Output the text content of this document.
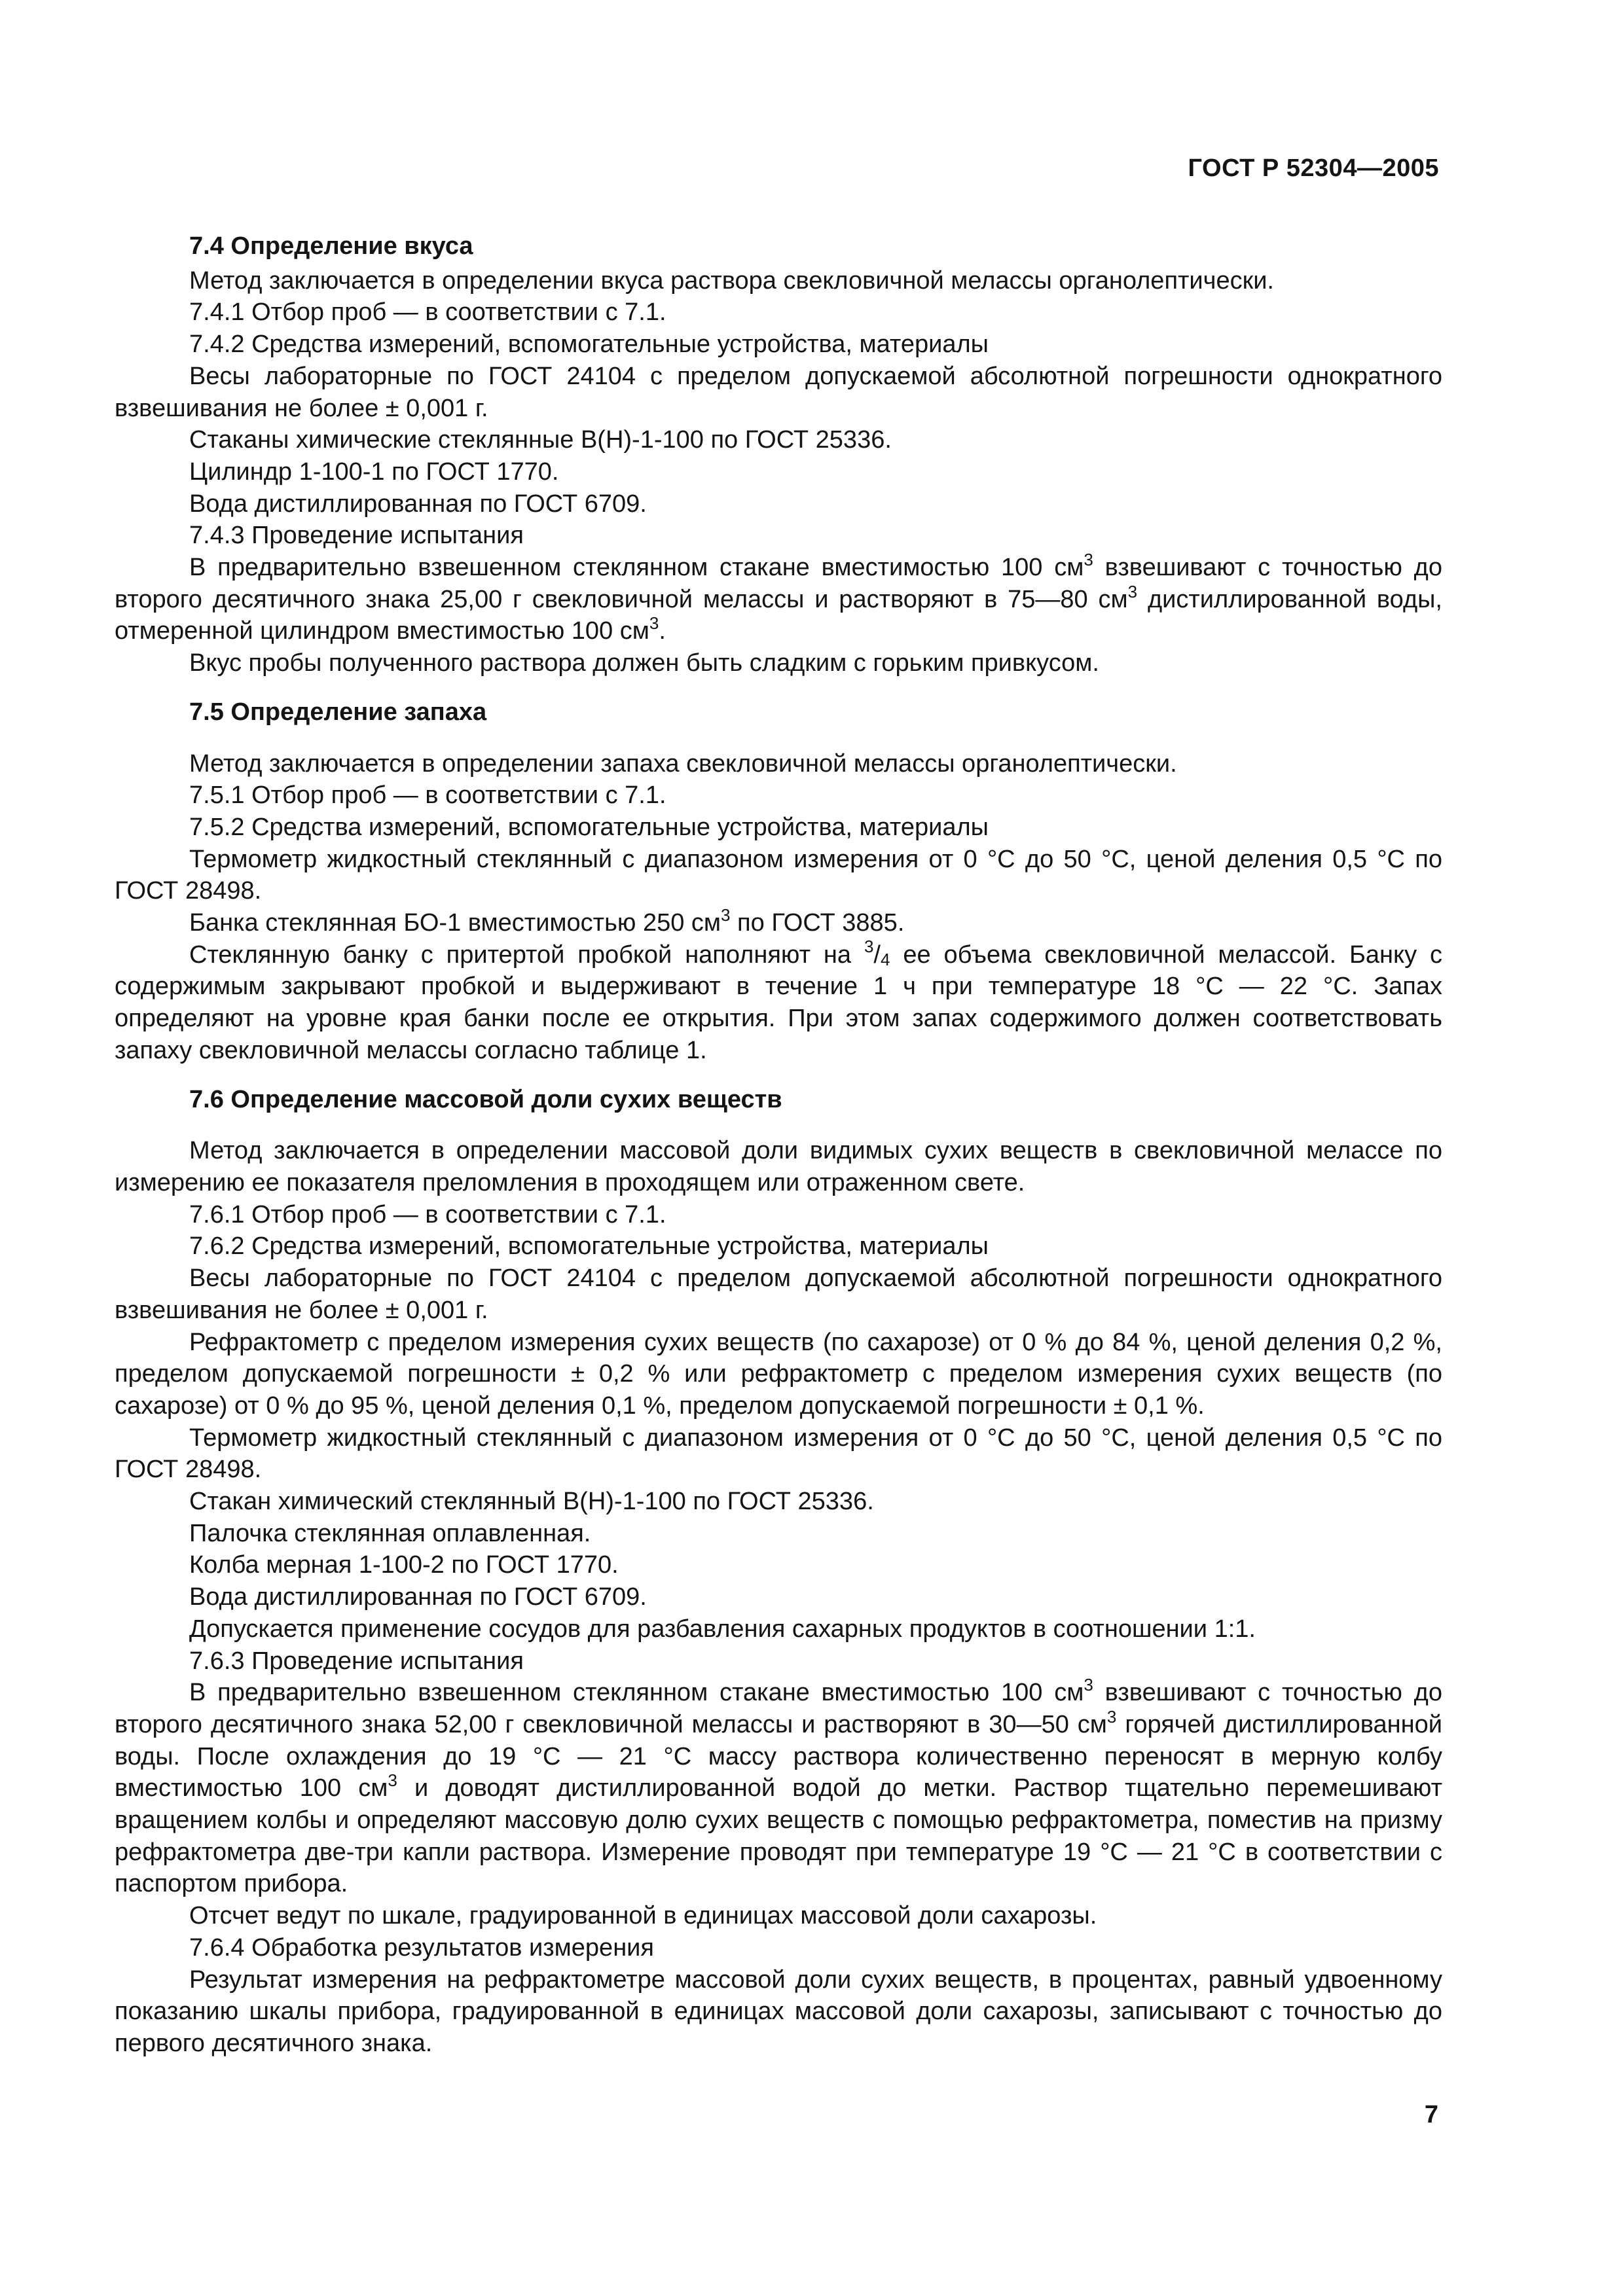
ГОСТ Р 52304—2005

7.4 Определение вкуса

Метод заключается в определении вкуса раствора свекловичной мелассы органолептически.

7.4.1 Отбор проб — в соответствии с 7.1.

7.4.2 Средства измерений, вспомогательные устройства, материалы

Весы лабораторные по ГОСТ 24104 с пределом допускаемой абсолютной погрешности однократного взвешивания не более ± 0,001 г.

Стаканы химические стеклянные В(Н)-1-100 по ГОСТ 25336.

Цилиндр 1-100-1 по ГОСТ 1770.

Вода дистиллированная по ГОСТ 6709.

7.4.3 Проведение испытания

В предварительно взвешенном стеклянном стакане вместимостью 100 $см^3$ взвешивают с точностью до второго десятичного знака 25,00 г свекловичной мелассы и растворяют в 75—80 $см^3$ дистиллированной воды, отмеренной цилиндром вместимостью 100 $см^3$.

Вкус пробы полученного раствора должен быть сладким с горьким привкусом.

7.5 Определение запаха

Метод заключается в определении запаха свекловичной мелассы органолептически.

7.5.1 Отбор проб — в соответствии с 7.1.

7.5.2 Средства измерений, вспомогательные устройства, материалы

Термометр жидкостный стеклянный с диапазоном измерения от 0 °С до 50 °С, ценой деления 0,5 °С по ГОСТ 28498.

Банка стеклянная БО-1 вместимостью 250 $см^3$ по ГОСТ 3885.

Стеклянную банку с притертой пробкой наполняют на $^3/_4$ ее объема свекловичной мелассой. Банку с содержимым закрывают пробкой и выдерживают в течение 1 ч при температуре 18 °С — 22 °С. Запах определяют на уровне края банки после ее открытия. При этом запах содержимого должен соответствовать запаху свекловичной мелассы согласно таблице 1.

7.6 Определение массовой доли сухих веществ

Метод заключается в определении массовой доли видимых сухих веществ в свекловичной мелассе по измерению ее показателя преломления в проходящем или отраженном свете.

7.6.1 Отбор проб — в соответствии с 7.1.

7.6.2 Средства измерений, вспомогательные устройства, материалы

Весы лабораторные по ГОСТ 24104 с пределом допускаемой абсолютной погрешности однократного взвешивания не более ± 0,001 г.

Рефрактометр с пределом измерения сухих веществ (по сахарозе) от 0 % до 84 %, ценой деления 0,2 %, пределом допускаемой погрешности ± 0,2 % или рефрактометр с пределом измерения сухих веществ (по сахарозе) от 0 % до 95 %, ценой деления 0,1 %, пределом допускаемой погрешности ± 0,1 %.

Термометр жидкостный стеклянный с диапазоном измерения от 0 °С до 50 °С, ценой деления 0,5 °С по ГОСТ 28498.

Стакан химический стеклянный В(Н)-1-100 по ГОСТ 25336.

Палочка стеклянная оплавленная.

Колба мерная 1-100-2 по ГОСТ 1770.

Вода дистиллированная по ГОСТ 6709.

Допускается применение сосудов для разбавления сахарных продуктов в соотношении 1:1.

7.6.3 Проведение испытания

В предварительно взвешенном стеклянном стакане вместимостью 100 $см^3$ взвешивают с точностью до второго десятичного знака 52,00 г свекловичной мелассы и растворяют в 30—50 $см^3$ горячей дистиллированной воды. После охлаждения до 19 °С — 21 °С массу раствора количественно переносят в мерную колбу вместимостью 100 $см^3$ и доводят дистиллированной водой до метки. Раствор тщательно перемешивают вращением колбы и определяют массовую долю сухих веществ с помощью рефрактометра, поместив на призму рефрактометра две-три капли раствора. Измерение проводят при температуре 19 °С — 21 °С в соответствии с паспортом прибора.

Отсчет ведут по шкале, градуированной в единицах массовой доли сахарозы.

7.6.4 Обработка результатов измерения

Результат измерения на рефрактометре массовой доли сухих веществ, в процентах, равный удвоенному показанию шкалы прибора, градуированной в единицах массовой доли сахарозы, записывают с точностью до первого десятичного знака.

7
